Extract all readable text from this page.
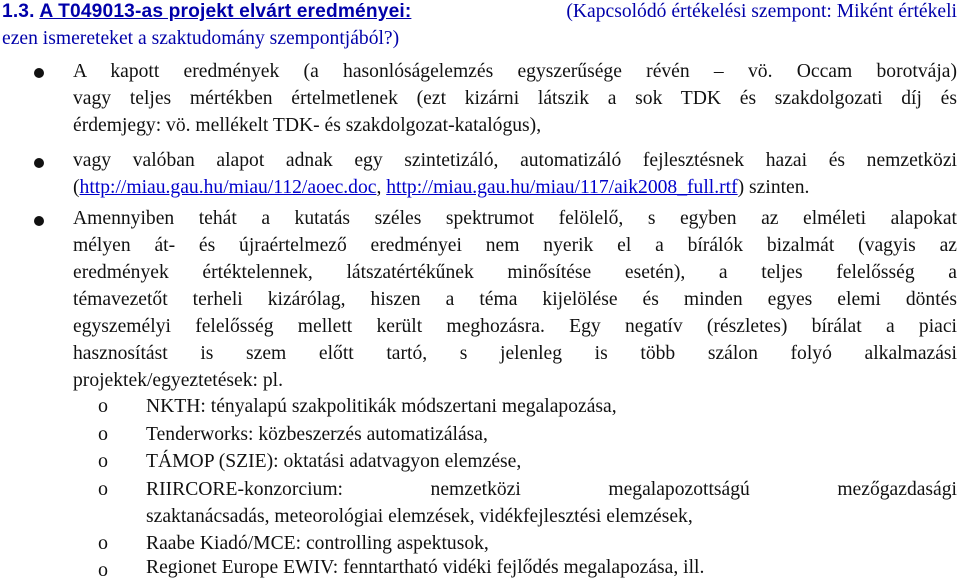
1.3. A T049013-as projekt elvárt eredményei:	(Kapcsolódó értékelési szempont: Miként értékeli
ezen ismereteket a szaktudomány szempontjából?)
A kapott eredmények (a hasonlóságelemzés egyszerűsége révén – vö. Occam borotvája)
vagy teljes mértékben értelmetlenek (ezt kizárni látszik a sok TDK és szakdolgozati díj és
érdemjegy: vö. mellékelt TDK- és szakdolgozat-katalógus),
vagy valóban alapot adnak egy szintetizáló, automatizáló fejlesztésnek hazai és nemzetközi
(http://miau.gau.hu/miau/112/aoec.doc, http://miau.gau.hu/miau/117/aik2008_full.rtf) szinten.
Amennyiben tehát a kutatás széles spektrumot felölelő, s egyben az elméleti alapokat
mélyen át- és újraértelmező eredményei nem nyerik el a bírálók bizalmát (vagyis az
eredmények értéktelennek, látszatértékűnek minősítése esetén), a teljes felelősség a
témavezetőt terheli kizárólag, hiszen a téma kijelölése és minden egyes elemi döntés
egyszemélyi felelősség mellett került meghozásra. Egy negatív (részletes) bírálat a piaci
hasznosítást is szem előtt tartó, s jelenleg is több szálon folyó alkalmazási
projektek/egyeztetések: pl.
o NKTH: tényalapú szakpolitikák módszertani megalapozása,
o Tenderworks: közbeszerzés automatizálása,
o TÁMOP (SZIE): oktatási adatvagyon elemzése,
o RIIRCORE-konzorcium: nemzetközi megalapozottságú mezőgazdasági
szaktanácsadás, meteorológiai elemzések, vidékfejlesztési elemzések,
o Raabe Kiadó/MCE: controlling aspektusok,
o Regionet Europe EWIV: fenntartható vidéki fejlődés megalapozása, ill.
